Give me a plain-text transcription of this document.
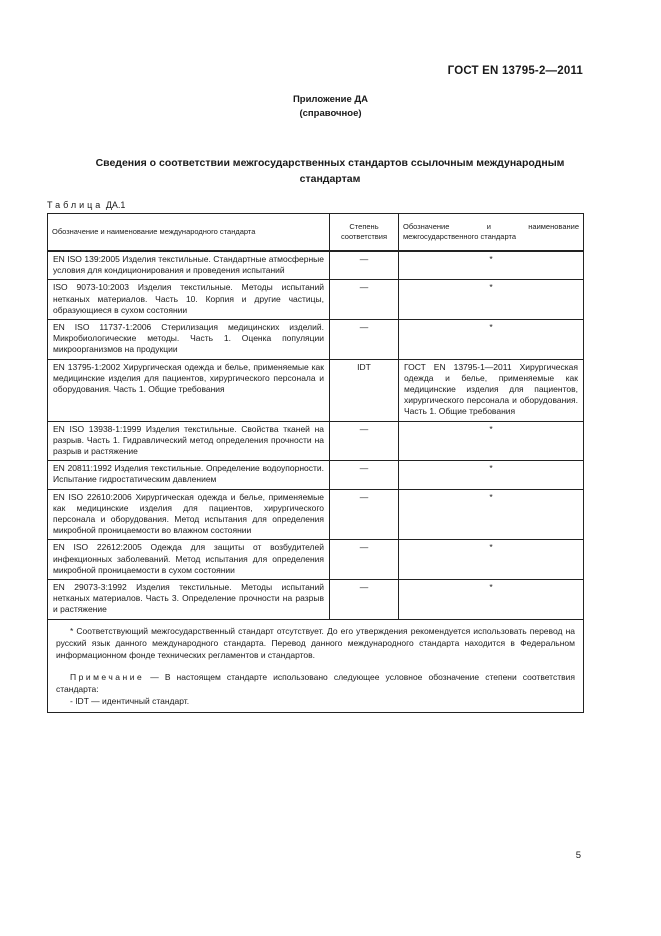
ГОСТ EN 13795-2—2011
Приложение ДА
(справочное)
Сведения о соответствии межгосударственных стандартов ссылочным международным стандартам
Таблица ДА.1
Обозначение и наименование международного стандарта	Степень соответствия	Обозначение и наименование межгосударственного стандарта
EN ISO 139:2005 Изделия текстильные. Стандартные атмосферные условия для кондиционирования и проведения испытаний	—	*
ISO 9073-10:2003 Изделия текстильные. Методы испытаний нетканых материалов. Часть 10. Корпия и другие частицы, образующиеся в сухом состоянии	—	*
EN ISO 11737-1:2006 Стерилизация медицинских изделий. Микробиологические методы. Часть 1. Оценка популяции микроорганизмов на продукции	—	*
EN 13795-1:2002 Хирургическая одежда и белье, применяемые как медицинские изделия для пациентов, хирургического персонала и оборудования. Часть 1. Общие требования	IDT	ГОСТ EN 13795-1—2011 Хирургическая одежда и белье, применяемые как медицинские изделия для пациентов, хирургического персонала и оборудования. Часть 1. Общие требования
EN ISO 13938-1:1999 Изделия текстильные. Свойства тканей на разрыв. Часть 1. Гидравлический метод определения прочности на разрыв и растяжение	—	*
EN 20811:1992 Изделия текстильные. Определение водоупорности. Испытание гидростатическим давлением	—	*
EN ISO 22610:2006 Хирургическая одежда и белье, применяемые как медицинские изделия для пациентов, хирургического персонала и оборудования. Метод испытания для определения микробной проницаемости во влажном состоянии	—	*
EN ISO 22612:2005 Одежда для защиты от возбудителей инфекционных заболеваний. Метод испытания для определения микробной проницаемости в сухом состоянии	—	*
EN 29073-3:1992 Изделия текстильные. Методы испытаний нетканых материалов. Часть 3. Определение прочности на разрыв и растяжение	—	*

* Соответствующий межгосударственный стандарт отсутствует. До его утверждения рекомендуется использовать перевод на русский язык данного международного стандарта. Перевод данного международного стандарта находится в Федеральном информационном фонде технических регламентов и стандартов.

Примечание — В настоящем стандарте использовано следующее условное обозначение степени соответствия стандарта:

- IDT — идентичный стандарт.		

5
